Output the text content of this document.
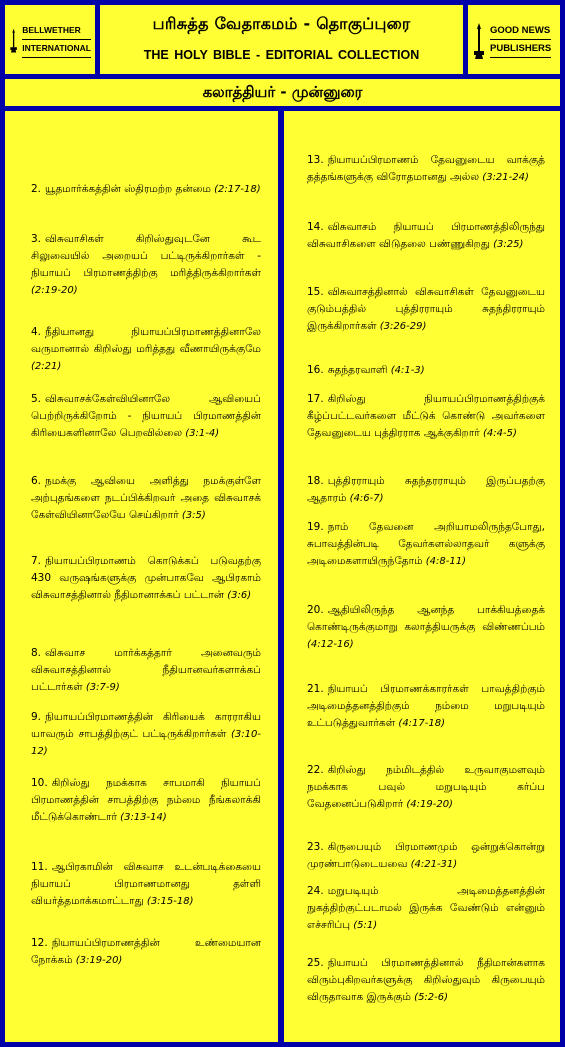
BELLWETHER
INTERNATIONAL
பரிசுத்த வேதாகமம் - தொகுப்புரை
THE HOLY BIBLE - EDITORIAL COLLECTION
GOOD NEWS
PUBLISHERS
கலாத்தியர் - முன்னுரை
2. யூதமார்க்கத்தின் ஸ்திரமற்ற தன்மை (2:17-18)
3. விசுவாசிகள் கிறிஸ்துவுடனே கூட சிலுவையில் அறையப் பட்டிருக்கிறார்கள் - நியாயப் பிரமாணத்திற்கு மரித்திருக்கிறார்கள் (2:19-20)
4. நீதியானது நியாயப்பிரமாணத்தினாலே வருமானால் கிறிஸ்து மரித்தது வீணாயிருக்குமே (2:21)
5. விசுவாசக்கேள்வியினாலே ஆவியைப் பெற்றிருக்கிறோம் - நியாயப் பிரமாணத்தின் கிரியைகளினாலே பெறவில்லை (3:1-4)
6. நமக்கு ஆவியை அளித்து நமக்குள்ளே அற்புதங்களை நடப்பிக்கிறவர் அதை விசுவாசக் கேள்வியினாலேயே செய்கிறார் (3:5)
7. நியாயப்பிரமாணம் கொடுக்கப் படுவதற்கு 430 வருஷங்களுக்கு முன்பாகவே ஆபிரகாம் விசுவாசத்தினால் நீதிமானாக்கப் பட்டான் (3:6)
8. விசுவாச மார்க்கத்தார் அனைவரும் விசுவாசத்தினால் நீதியானவர்களாக்கப் பட்டார்கள் (3:7-9)
9. நியாயப்பிரமாணத்தின் கிரியைக் காரராகிய யாவரும் சாபத்திற்குட் பட்டிருக்கிறார்கள் (3:10-12)
10. கிறிஸ்து நமக்காக சாபமாகி நியாயப் பிரமாணத்தின் சாபத்திற்கு நம்மை நீங்கலாக்கி மீட்டுக்கொண்டார் (3:13-14)
11. ஆபிரகாமின் விசுவாச உடன்படிக்கையை நியாயப் பிரமாணமானது தள்ளி வியர்த்தமாக்கமாட்டாது (3:15-18)
12. நியாயப்பிரமாணத்தின் உண்மையான நோக்கம் (3:19-20)
13. நியாயப்பிரமாணம் தேவனுடைய வாக்குத் தத்தங்களுக்கு விரோதமானது அல்ல (3:21-24)
14. விசுவாசம் நியாயப் பிரமாணத்திலிருந்து விசுவாசிகளை விடுதலை பண்ணுகிறது (3:25)
15. விசுவாசத்தினால் விசுவாசிகள் தேவனுடைய குடும்பத்தில் புத்திரராயும் சுதந்திரராயும் இருக்கிறார்கள் (3:26-29)
16. சுதந்தரவாளி (4:1-3)
17. கிறிஸ்து நியாயப்பிரமாணத்திற்குக் கீழ்ப்பட்டவர்களை மீட்டுக் கொண்டு அவர்களை தேவனுடைய புத்திரராக ஆக்குகிறார் (4:4-5)
18. புத்திரராயும் சுதந்தரராயும் இருப்பதற்கு ஆதாரம் (4:6-7)
19. நாம் தேவனை அறியாமலிருந்தபோது, சுபாவத்தின்படி தேவர்களல்லாதவர் களுக்கு அடிமைகளாயிருந்தோம் (4:8-11)
20. ஆதியிலிருந்த ஆனந்த பாக்கியத்தைக் கொண்டிருக்குமாறு கலாத்தியருக்கு விண்ணப்பம் (4:12-16)
21. நியாயப் பிரமாணக்காரர்கள் பாவத்திற்கும் அடிமைத்தனத்திற்கும் நம்மை மறுபடியும் உட்படுத்துவார்கள் (4:17-18)
22. கிறிஸ்து நம்மிடத்தில் உருவாகுமளவும் நமக்காக பவுல் மறுபடியும் கர்ப்ப வேதனைப்படுகிறார் (4:19-20)
23. கிருபையும் பிரமாணமும் ஒன்றுக்கொன்று முரண்பாடுடையவை (4:21-31)
24. மறுபடியும் அடிமைத்தனத்தின் நுகத்திற்குட்படாமல் இருக்க வேண்டும் என்னும் எச்சரிப்பு (5:1)
25. நியாயப் பிரமாணத்தினால் நீதிமான்களாக விரும்புகிறவர்களுக்கு கிறிஸ்துவும் கிருபையும் விருதாவாக இருக்கும் (5:2-6)
